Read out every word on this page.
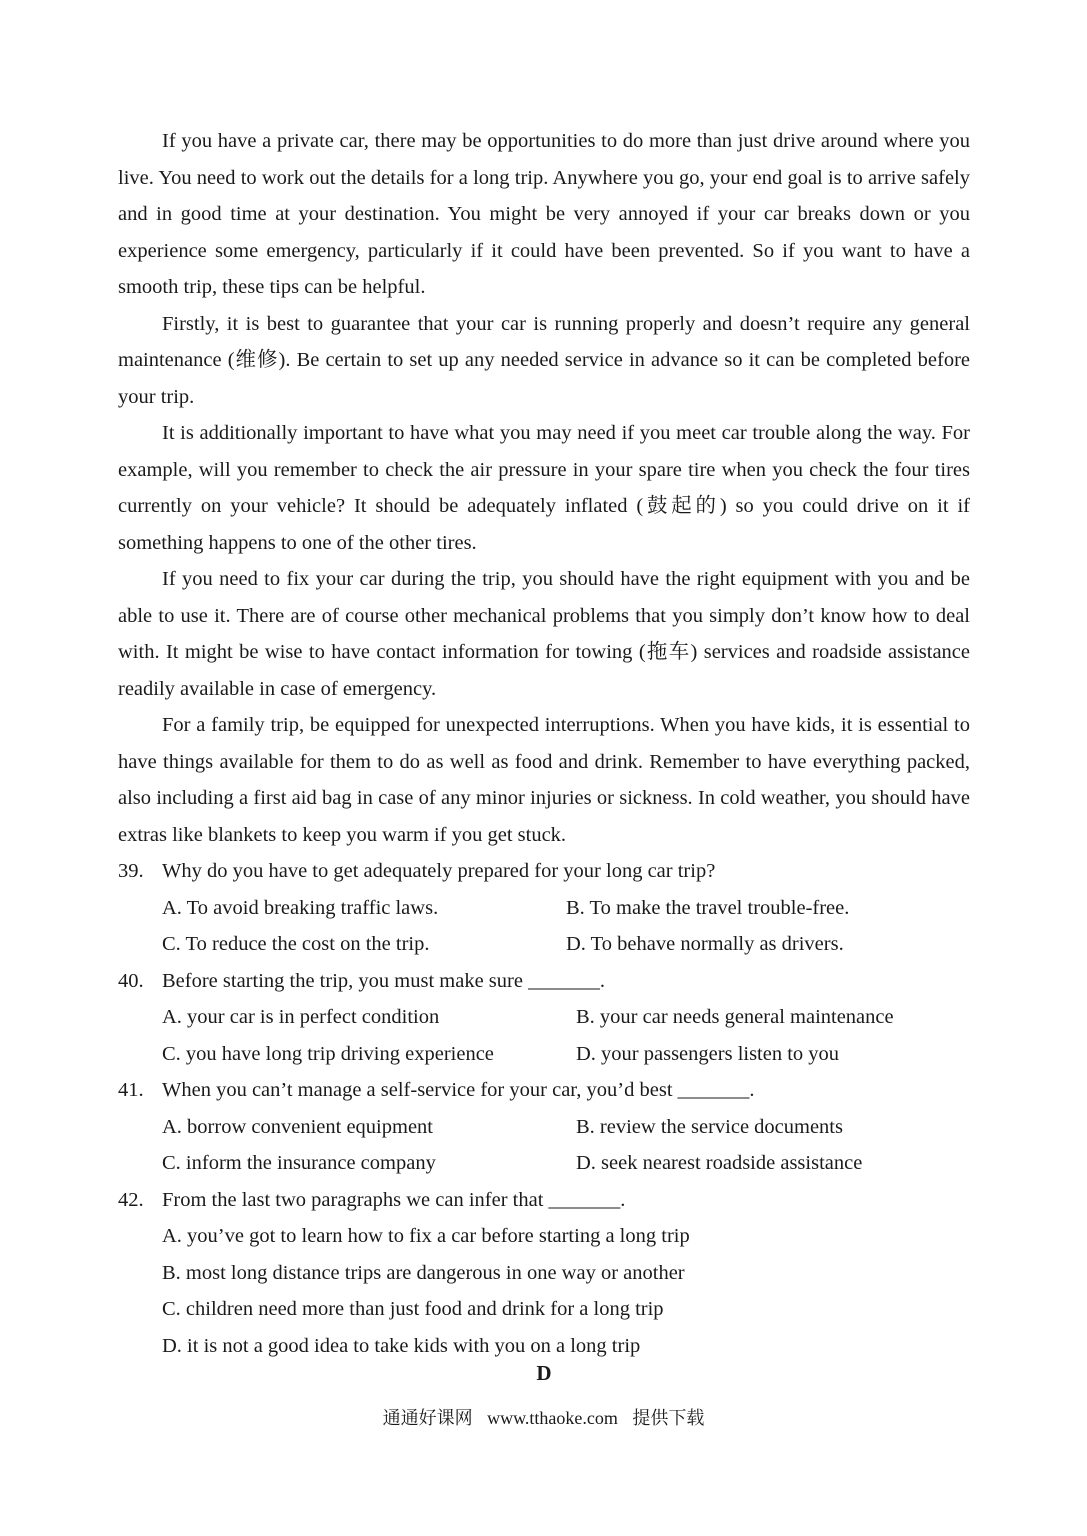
If you have a private car, there may be opportunities to do more than just drive around where you live. You need to work out the details for a long trip. Anywhere you go, your end goal is to arrive safely and in good time at your destination. You might be very annoyed if your car breaks down or you experience some emergency, particularly if it could have been prevented. So if you want to have a smooth trip, these tips can be helpful.

Firstly, it is best to guarantee that your car is running properly and doesn’t require any general maintenance (维修). Be certain to set up any needed service in advance so it can be completed before your trip.

It is additionally important to have what you may need if you meet car trouble along the way. For example, will you remember to check the air pressure in your spare tire when you check the four tires currently on your vehicle? It should be adequately inflated (鼓起的) so you could drive on it if something happens to one of the other tires.

If you need to fix your car during the trip, you should have the right equipment with you and be able to use it. There are of course other mechanical problems that you simply don’t know how to deal with. It might be wise to have contact information for towing (拖车) services and roadside assistance readily available in case of emergency.

For a family trip, be equipped for unexpected interruptions. When you have kids, it is essential to have things available for them to do as well as food and drink. Remember to have everything packed, also including a first aid bag in case of any minor injuries or sickness. In cold weather, you should have extras like blankets to keep you warm if you get stuck.

39. Why do you have to get adequately prepared for your long car trip?
A. To avoid breaking traffic laws.	B. To make the travel trouble-free.
C. To reduce the cost on the trip.	D. To behave normally as drivers.
40. Before starting the trip, you must make sure _______.
A. your car is in perfect condition	B. your car needs general maintenance
C. you have long trip driving experience	D. your passengers listen to you
41. When you can’t manage a self-service for your car, you’d best _______.
A. borrow convenient equipment	B. review the service documents
C. inform the insurance company	D. seek nearest roadside assistance
42. From the last two paragraphs we can infer that _______.
A. you’ve got to learn how to fix a car before starting a long trip
B. most long distance trips are dangerous in one way or another
C. children need more than just food and drink for a long trip
D. it is not a good idea to take kids with you on a long trip
D
通通好课网 www.tthaoke.com 提供下载
